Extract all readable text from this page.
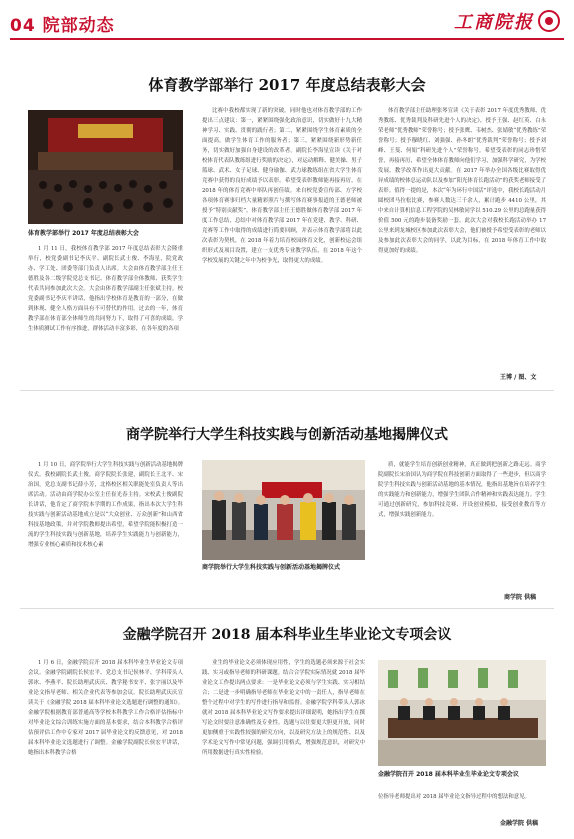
04 院部动态	工商院报
体育教学部举行 2017 年度总结表彰大会
体育教学部举行 2017 年度总结表彰大会

1 月 11 日，我校体育教学部 2017 年度总结表彰大会隆重举行，校党委副书记李庆平、副院长武士俊、李海星，院党政办、学工处、团委等部门负责人出席。大会由体育教学部主任王德胜及各二级学院党总支书记、体育教学部全体教师、获奖学生代表共同参加此次大会。大会由体育教学部副主任张斌主持。校党委副书记李庆平讲话，他指出学校体育是教育的一部分，在做到体现、健全人格方面具有不可替代的作用。过去的一年，体育教学部在体育部全体师生的共同努力下，取得了可喜的成绩。学生体质测试工作有序推进，群体活动丰富多彩，在各年度的各项

比赛中我校都实现了新的突破。同时他也对体育教学部的工作提出三点建议：第一，紧紧围绕强化政治意识，切实做好十九大精神学习、实践、贯彻的践行者；第二，紧紧围绕学生体育素质的全面提高，做学生体育工作的服务者；第三，紧紧围绕新形势新任务，切实做好加强自身建设的改革者。副院长李海星宣读《关于对校体育代表队教练组进行奖励的决定》，对运动解释、健美操、男子篮球、武术、女子足球、健身瑜伽、武力球教练组在省大学生体育竞赛中获得的良好成绩予以表彰。希望受表彰教师能再接再厉，在 2018 年的体育竞赛中率队再创佳绩。来自校党委宣传部、方学校各项体育赛事归档大量精彩照片与撰写体育赛事报道的王德老师被授予“特别贡献奖”。体育教学部主任王德胜做体育教学部 2017 年度工作总结，总结中对体育教学部 2017 年在党建、教学、科研、竞赛等工作中取得的成绩进行简要回顾，并表示体育教学部将以此次表彰为契机，在 2018 年着力培育校园体育文化，创新校运会组织形式及项目设置，建立一支优秀专业教学队伍，在 2018 年这个学校发展的关键之年中为校争光，取得更大的成绩。

体育教学部主任助理张琴宣读《关于表彰 2017 年度优秀教师、优秀教练、优秀裁判及科研先进个人的决定》，授予王强、赵红英、白永荣老师“优秀教师”荣誉称号；授予张鹰、韦树杰、张婧敏“优秀教练”荣誉称号；授予穆晓红、刘强强、孙冬朗“优秀裁判”荣誉称号；授予刘峰、王斐、何娟“科研先进个人”荣誉称号。希望受表彰的同志珍惜荣誉，再接再厉，希望全体体育教师向他们学习，加强科学研究，为学校发展、教学改革作出更大贡献。在 2017 年举办全国各级比赛取得优异成绩的校体总运动队以及参加“阳光体育长跑活动”的获奖老师接受了表彰。值得一提的是，本次“年为环行中国活”评选中，我校长跑活动月圆校团马拉松比赛，参赛人数达三千余人，累计跑步 4410 公里，其中来自计算机信息工程学院的吴林敏同学以 510.29 公里的总跑量获得价值 500 元的跑步装备奖励一套。此次大会对我校长跑活动举办 17 公里来到龙城校区参加此次表彰大会，他们被授予希望受表彰的老师以及参加此次表彰大会的同学，以此为目标，在 2018 年体育工作中取得更加好的成绩。

王博 / 图、文
商学院举行大学生科技实践与创新活动基地揭牌仪式

1 月 10 日，商学院举行大学生科技实践与创新活动基地揭牌仪式。我校副院长武士俊，商学院院长张建，副院长王北平、宋治国，党总支副书记薛小芳，北格校区相关职能处室负责人等出席活动。活动由商学院办公室主任崔光春主持。宋校武士俊副院长讲话，他肯定了商学院本学期的工作成果，指出本次大学生科技实践与创新活动基地成立是以“大众创业、万众创新”和山西省科技基地政策，并对学院教师提出希望，希望学院能积极打造一流的学生科技实践与创新基地，培养学生实践能力与创新能力，增强专业核心素质和技术核心素

商学院举行大学生科技实践与创新活动基地揭牌仪式

质，就能学生培育创新创业精神，真正做到把创新之路走远。商学院副院长宋治国认为商学院在科技创新方面取得了一些进步，但以商学院学生科技实践与创新活动基地的基本情况，他指出基地旨在培养学生的实践能力和创新能力，增强学生团队合作精神和实践表达能力。学生可通过创新研究，参加科技竞赛、开设创业模拟，接受创业教育等方式，增强实践创新能力。

商学院 供稿
金融学院召开 2018 届本科毕业生毕业论文专项会议

1 月 6 日，金融学院召开 2018 届本科毕业生毕业论文专项会议。金融学院副院长侯宏平、党总支书记侯林平、学科带头人郭冰、李燕平、院长助理武庆庆、教学秘书安平、张宇丽以及毕业论文指导老师、相关企业代表等参加会议。院长助理武庆庆宣读关于《金融学院 2018 届本科毕业论文选题进行调整的通知》。金融学院根据教育部普通高等学校本科教学工作合格评估指标中对毕业论文综合训练实施方面的基本要求，结合本科教学合格评估预评估工作中专家对 2017 届毕业论文的反馈意见，对 2018 届本科毕业论文选题进行了调整。金融学院副院长侯宏平讲话，她指出本科教学合格

业生的毕业论文必须体现应用性，学生的选题必须来源于社会实践、实习或指导老师的科研课题。结合合学院实际情况就 2018 届毕业论文工作提出两点要求：一是毕业论文必须与学生实践、实习相结合；二是进一步明确指导老师在毕业论文中的一责任人，指导老师在整个过程中对学生的写作进行指导和监督。金融学院学科带头人郭冰就对 2018 届本科毕业论文写作要求提出详细说明，她指出学生在撰写论文时要注意准确性及专业性。选题与以往要更大胆更开放，同时更加侧重于实践性较强的研究方向，以及研究方法上的规范性、以及学术论文写作中常见问题，强调引用格式，增强规范意识，对研究中所用数据进行真实性检验。

金融学院召开 2018 届本科毕业生毕业论文专项会议

位指导老师提出对 2018 届毕业论文指导过程中的想法和意见。

金融学院 供稿
